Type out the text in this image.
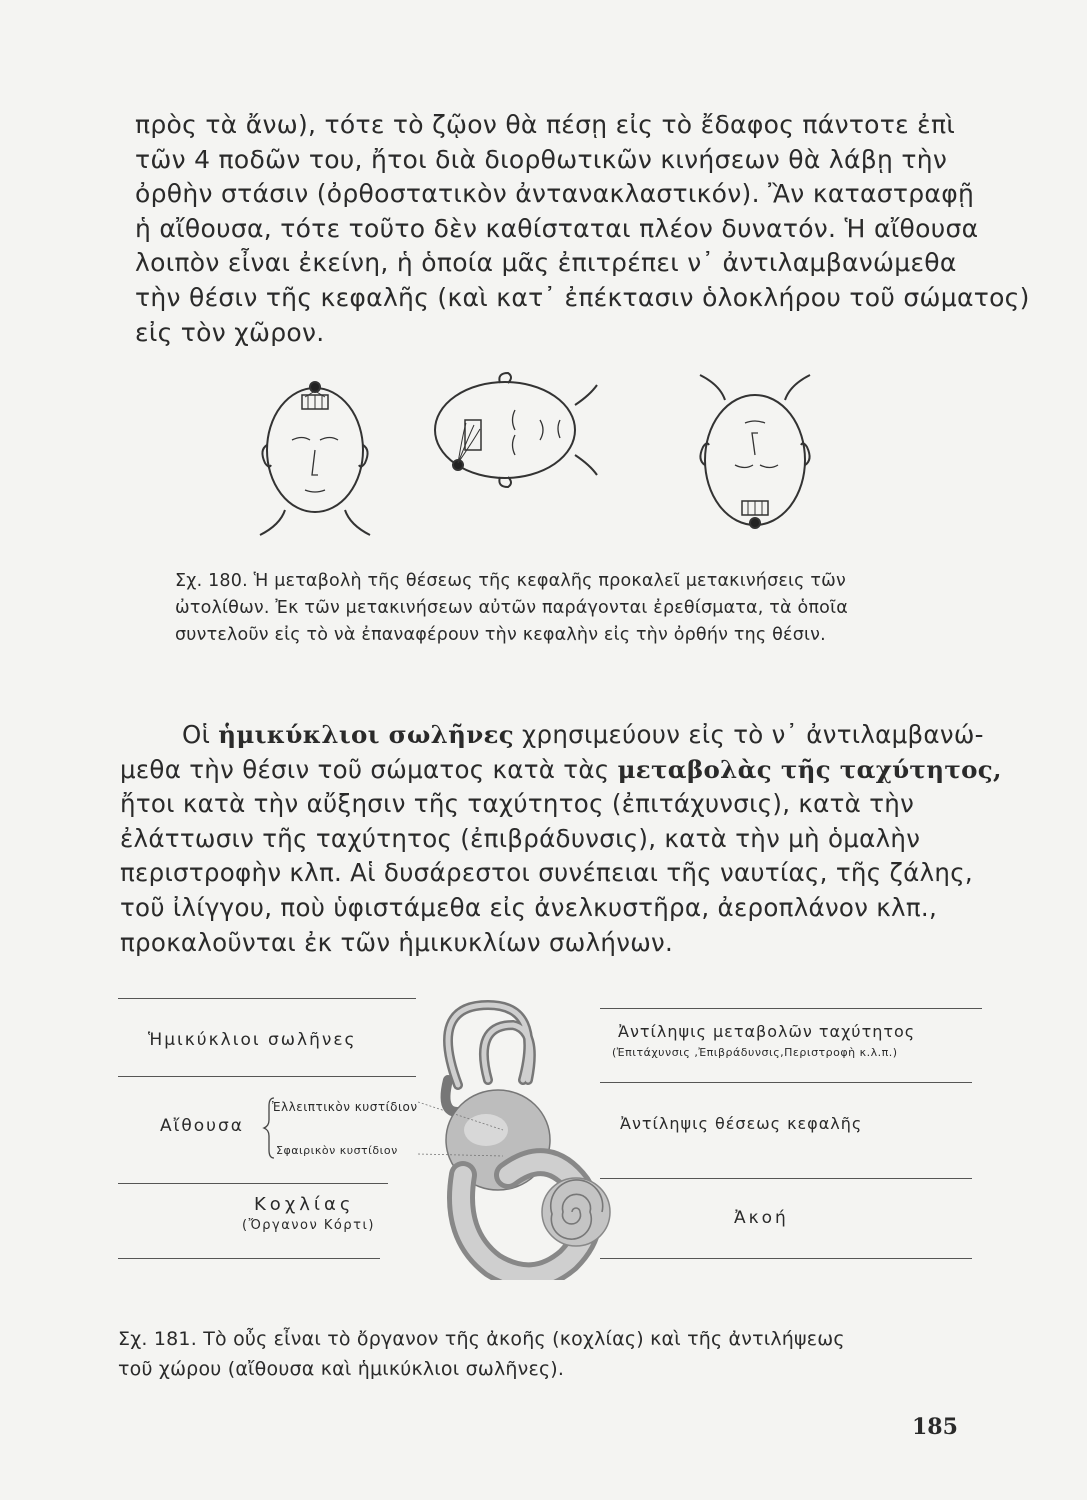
πρὸς τὰ ἄνω), τότε τὸ ζῷον θὰ πέσῃ εἰς τὸ ἔδαφος πάντοτε ἐπὶ
τῶν 4 ποδῶν του, ἤτοι διὰ διορθωτικῶν κινήσεων θὰ λάβῃ τὴν
ὀρθὴν στάσιν (ὀρθοστατικὸν ἀντανακλαστικόν). Ἂν καταστραφῇ
ἡ αἴθουσα, τότε τοῦτο δὲν καθίσταται πλέον δυνατόν. Ἡ αἴθουσα
λοιπὸν εἶναι ἐκείνη, ἡ ὁποία μᾶς ἐπιτρέπει ν᾽ ἀντιλαμβανώμεθα
τὴν θέσιν τῆς κεφαλῆς (καὶ κατ᾽ ἐπέκτασιν ὁλοκλήρου τοῦ σώματος)
εἰς τὸν χῶρον.

Σχ. 180. Ἡ μεταβολὴ τῆς θέσεως τῆς κεφαλῆς προκαλεῖ μετακινήσεις τῶν
ὠτολίθων. Ἐκ τῶν μετακινήσεων αὐτῶν παράγονται ἐρεθίσματα, τὰ ὁποῖα
συντελοῦν εἰς τὸ νὰ ἐπαναφέρουν τὴν κεφαλὴν εἰς τὴν ὀρθήν της θέσιν.

Οἱ ἡμικύκλιοι σωλῆνες χρησιμεύουν εἰς τὸ ν᾽ ἀντιλαμβανώ-
μεθα τὴν θέσιν τοῦ σώματος κατὰ τὰς μεταβολὰς τῆς ταχύτητος,
ἤτοι κατὰ τὴν αὔξησιν τῆς ταχύτητος (ἐπιτάχυνσις), κατὰ τὴν
ἐλάττωσιν τῆς ταχύτητος (ἐπιβράδυνσις), κατὰ τὴν μὴ ὁμαλὴν
περιστροφὴν κλπ. Αἱ δυσάρεστοι συνέπειαι τῆς ναυτίας, τῆς ζάλης,
τοῦ ἰλίγγου, ποὺ ὑφιστάμεθα εἰς ἀνελκυστῆρα, ἀεροπλάνον κλπ.,
προκαλοῦνται ἐκ τῶν ἡμικυκλίων σωλήνων.

Ἡμικύκλιοι σωλῆνες
Αἴθουσα
Ἐλλειπτικὸν κυστίδιον
Σφαιρικὸν κυστίδιον
Κοχλίας
(Ὄργανον Κόρτι)
Ἀντίληψις μεταβολῶν ταχύτητος
(Ἐπιτάχυνσις ,Ἐπιβράδυνσις,Περιστροφὴ κ.λ.π.)
Ἀντίληψις θέσεως κεφαλῆς
Ἀκοή

Σχ. 181. Τὸ οὖς εἶναι τὸ ὄργανον τῆς ἀκοῆς (κοχλίας) καὶ τῆς ἀντιλήψεως
τοῦ χώρου (αἴθουσα καὶ ἡμικύκλιοι σωλῆνες).

185
